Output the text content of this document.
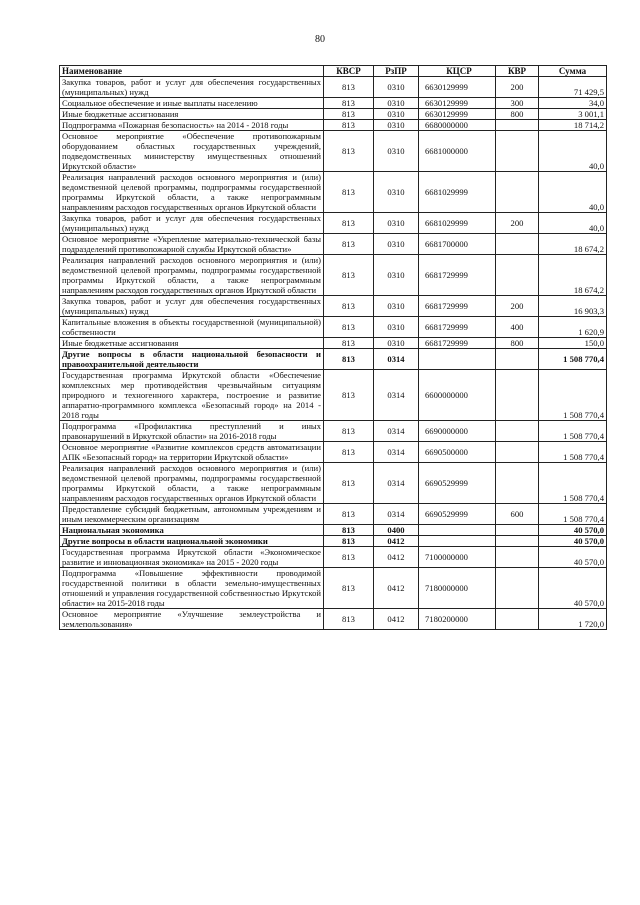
80
Наименование	КВСР	РзПР	КЦСР	КВР	Сумма
Закупка товаров, работ и услуг для обеспечения государственных (муниципальных) нужд	813	0310	6630129999	200	71 429,5
Социальное обеспечение и иные выплаты населению	813	0310	6630129999	300	34,0
Иные бюджетные ассигнования	813	0310	6630129999	800	3 001,1
Подпрограмма «Пожарная безопасность» на 2014 - 2018 годы	813	0310	6680000000		18 714,2
Основное мероприятие «Обеспечение противопожарным оборудованием областных государственных учреждений, подведомственных министерству имущественных отношений Иркутской области»	813	0310	6681000000		40,0
Реализация направлений расходов основного мероприятия и (или) ведомственной целевой программы, подпрограммы государственной программы Иркутской области, а также непрограммным направлениям расходов государственных органов Иркутской области	813	0310	6681029999		40,0
Закупка товаров, работ и услуг для обеспечения государственных (муниципальных) нужд	813	0310	6681029999	200	40,0
Основное мероприятие «Укрепление материально-технической базы подразделений противопожарной службы Иркутской области»	813	0310	6681700000		18 674,2
Реализация направлений расходов основного мероприятия и (или) ведомственной целевой программы, подпрограммы государственной программы Иркутской области, а также непрограммным направлениям расходов государственных органов Иркутской области	813	0310	6681729999		18 674,2
Закупка товаров, работ и услуг для обеспечения государственных (муниципальных) нужд	813	0310	6681729999	200	16 903,3
Капитальные вложения в объекты государственной (муниципальной) собственности	813	0310	6681729999	400	1 620,9
Иные бюджетные ассигнования	813	0310	6681729999	800	150,0
Другие вопросы в области национальной безопасности и правоохранительной деятельности	813	0314			1 508 770,4
Государственная программа Иркутской области «Обеспечение комплексных мер противодействия чрезвычайным ситуациям природного и техногенного характера, построение и развитие аппаратно-программного комплекса «Безопасный город» на 2014 - 2018 годы	813	0314	6600000000		1 508 770,4
Подпрограмма «Профилактика преступлений и иных правонарушений в Иркутской области» на 2016-2018 годы	813	0314	6690000000		1 508 770,4
Основное мероприятие «Развитие комплексов средств автоматизации АПК «Безопасный город» на территории Иркутской области»	813	0314	6690500000		1 508 770,4
Реализация направлений расходов основного мероприятия и (или) ведомственной целевой программы, подпрограммы государственной программы Иркутской области, а также непрограммным направлениям расходов государственных органов Иркутской области	813	0314	6690529999		1 508 770,4
Предоставление субсидий бюджетным, автономным учреждениям и иным некоммерческим организациям	813	0314	6690529999	600	1 508 770,4
Национальная экономика	813	0400			40 570,0
Другие вопросы в области национальной экономики	813	0412			40 570,0
Государственная программа Иркутской области «Экономическое развитие и инновационная экономика» на 2015 - 2020 годы	813	0412	7100000000		40 570,0
Подпрограмма «Повышение эффективности проводимой государственной политики в области земельно-имущественных отношений и управления государственной собственностью Иркутской области» на 2015-2018 годы	813	0412	7180000000		40 570,0
Основное мероприятие «Улучшение землеустройства и землепользования»	813	0412	7180200000		1 720,0
